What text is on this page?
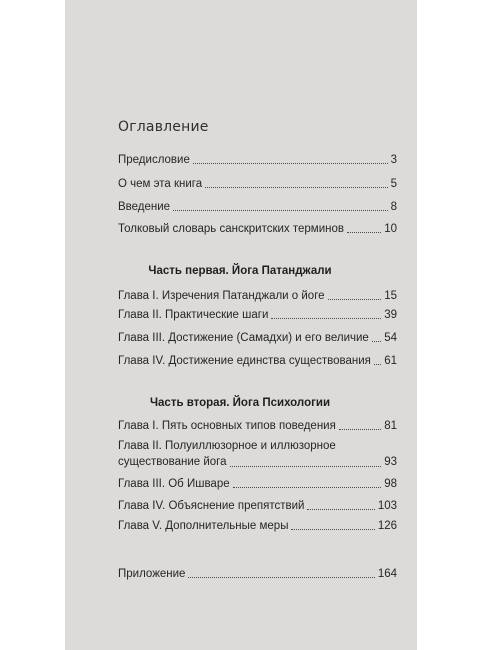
Оглавление
Предисловие	3
О чем эта книга	5
Введение	8
Толковый словарь санскритских терминов	10
Часть первая. Йога Патанджали
Глава I. Изречения Патанджали о йоге	15
Глава II. Практические шаги	39
Глава III. Достижение (Самадхи) и его величие 54
Глава IV. Достижение единства существования 61
Часть вторая. Йога Психологии
Глава I. Пять основных типов поведения	81
Глава II. Полуиллюзорное и иллюзорное
существование йога	93
Глава III. Об Ишваре	98
Глава IV. Объяснение препятствий	103
Глава V. Дополнительные меры	126
Приложение	164
